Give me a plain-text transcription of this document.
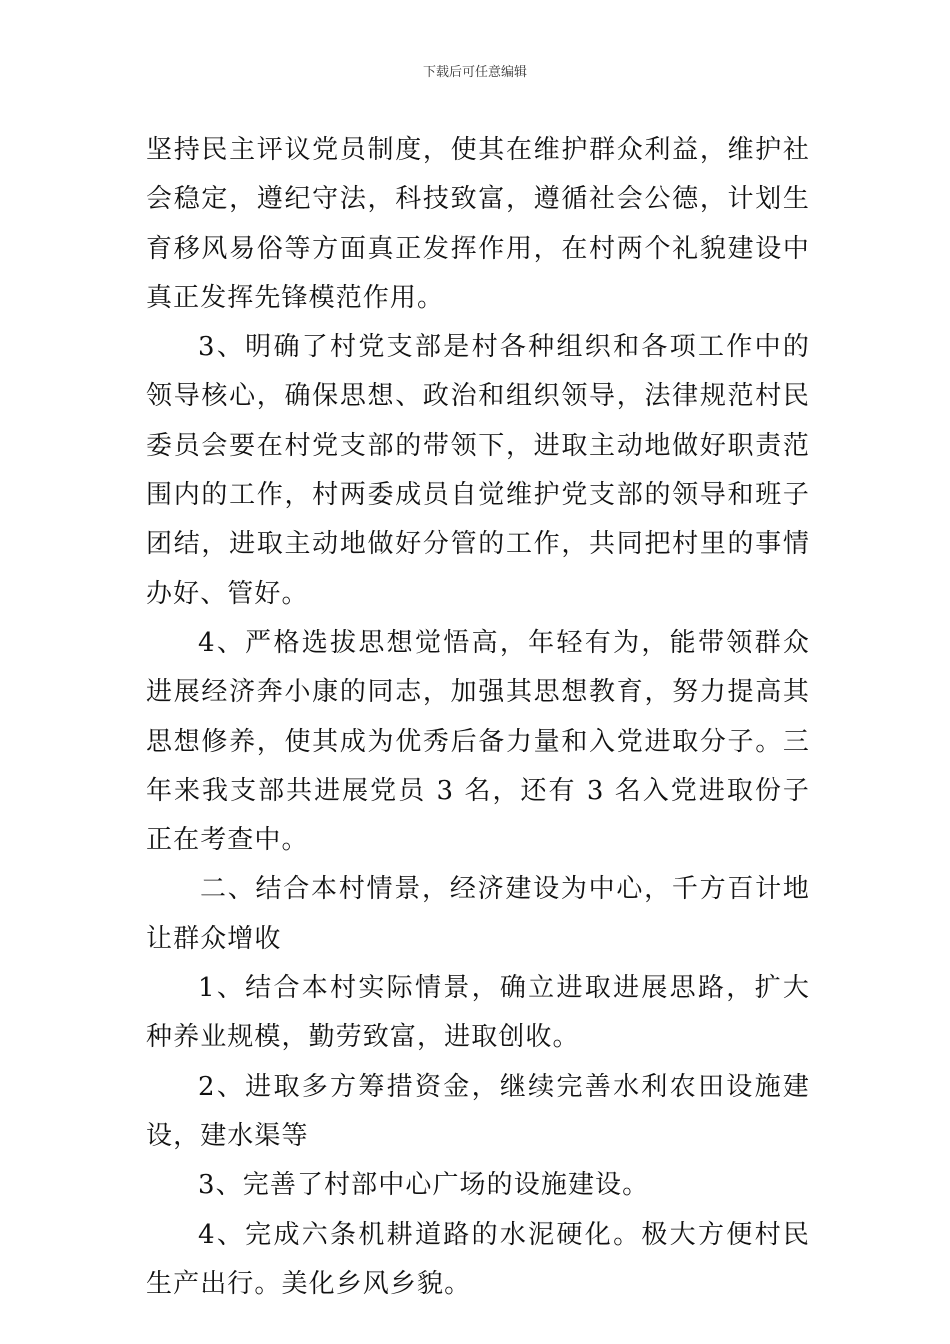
下载后可任意编辑

坚持民主评议党员制度，使其在维护群众利益，维护社会稳定，遵纪守法，科技致富，遵循社会公德，计划生育移风易俗等方面真正发挥作用，在村两个礼貌建设中真正发挥先锋模范作用。

3、明确了村党支部是村各种组织和各项工作中的领导核心，确保思想、政治和组织领导，法律规范村民委员会要在村党支部的带领下，进取主动地做好职责范围内的工作，村两委成员自觉维护党支部的领导和班子团结，进取主动地做好分管的工作，共同把村里的事情办好、管好。

4、严格选拔思想觉悟高，年轻有为，能带领群众进展经济奔小康的同志，加强其思想教育，努力提高其思想修养，使其成为优秀后备力量和入党进取分子。三年来我支部共进展党员 3 名，还有 3 名入党进取份子正在考查中。

二、结合本村情景，经济建设为中心，千方百计地让群众增收

1、结合本村实际情景，确立进取进展思路，扩大种养业规模，勤劳致富，进取创收。

2、进取多方筹措资金，继续完善水利农田设施建设，建水渠等

3、完善了村部中心广场的设施建设。

4、完成六条机耕道路的水泥硬化。极大方便村民生产出行。美化乡风乡貌。
